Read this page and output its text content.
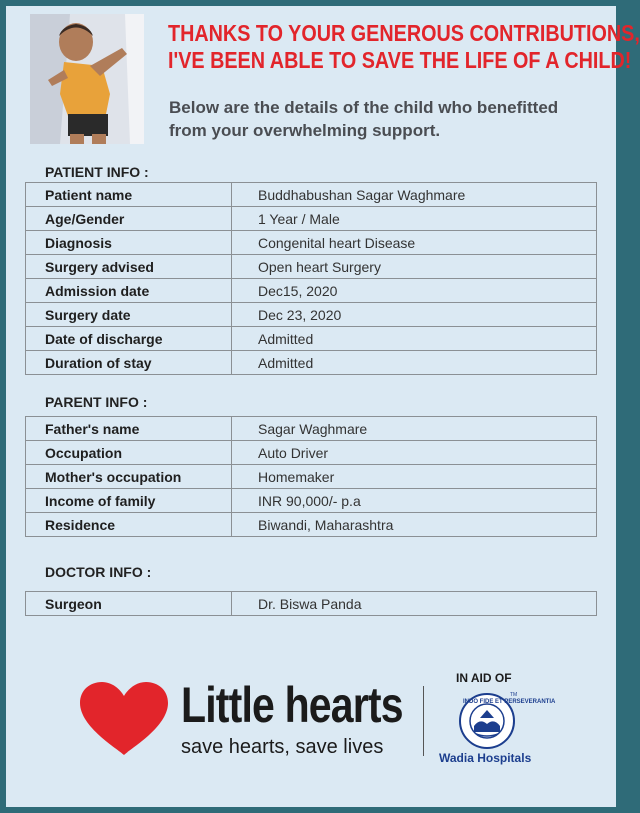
THANKS TO YOUR GENEROUS CONTRIBUTIONS,
I'VE BEEN ABLE TO SAVE THE LIFE OF A CHILD!
Below are the details of the child who benefitted
from your overwhelming support.
PATIENT INFO :
Patient name	Buddhabushan Sagar Waghmare
Age/Gender	1 Year / Male
Diagnosis	Congenital heart Disease
Surgery advised	Open heart Surgery
Admission date	Dec15, 2020
Surgery date	Dec 23, 2020
Date of discharge	Admitted
Duration of stay	Admitted
PARENT INFO :
Father's name	Sagar Waghmare
Occupation	Auto Driver
Mother's occupation	Homemaker
Income of family	INR 90,000/- p.a
Residence	Biwandi, Maharashtra
DOCTOR INFO :
Surgeon	Dr. Biswa Panda
Little hearts
save hearts, save lives
IN AID OF
INDO FIDE ET PERSEVERANTIA
TM
Wadia Hospitals
